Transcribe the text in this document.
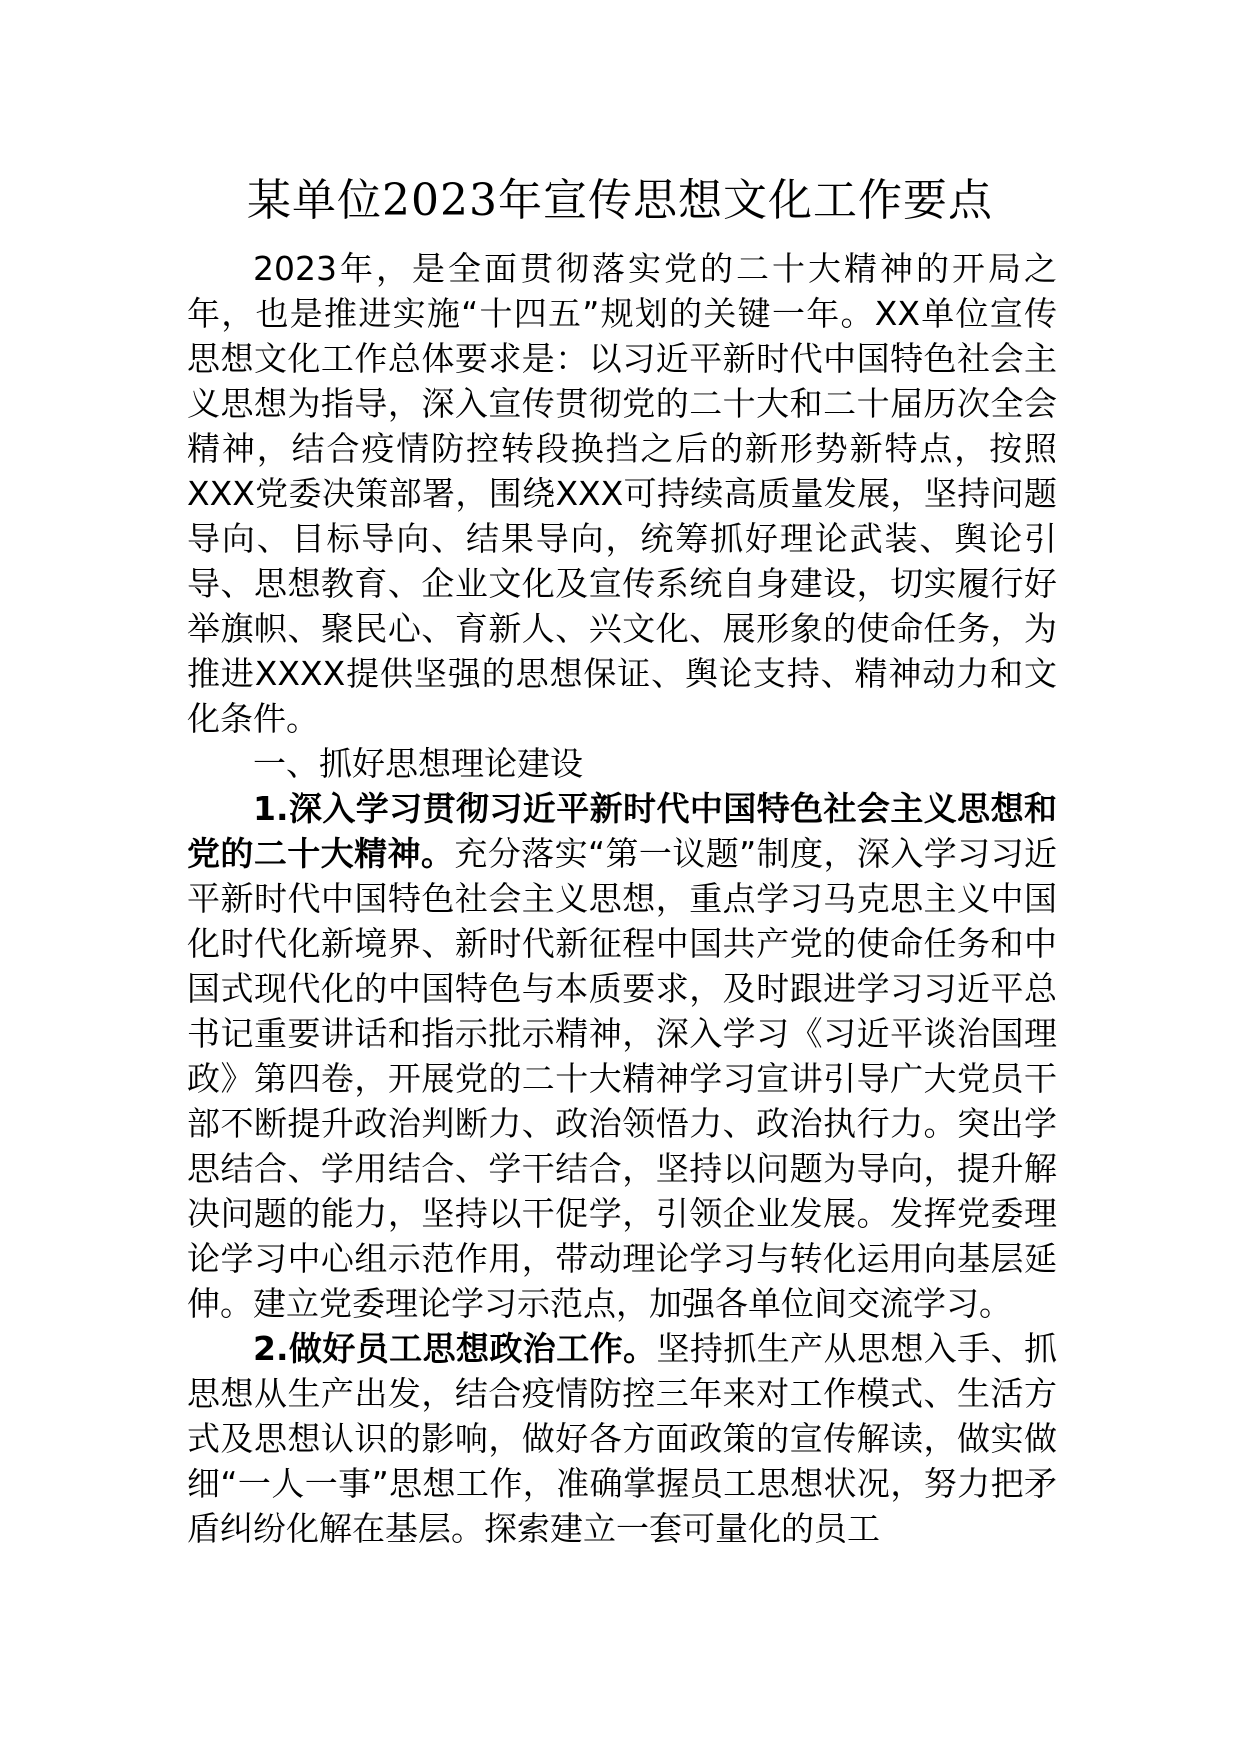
某单位2023年宣传思想文化工作要点

2023年，是全面贯彻落实党的二十大精神的开局之年，也是推进实施“十四五”规划的关键一年。XX单位宣传思想文化工作总体要求是：以习近平新时代中国特色社会主义思想为指导，深入宣传贯彻党的二十大和二十届历次全会精神，结合疫情防控转段换挡之后的新形势新特点，按照XXX党委决策部署，围绕XXX可持续高质量发展，坚持问题导向、目标导向、结果导向，统筹抓好理论武装、舆论引导、思想教育、企业文化及宣传系统自身建设，切实履行好举旗帜、聚民心、育新人、兴文化、展形象的使命任务，为推进XXXX提供坚强的思想保证、舆论支持、精神动力和文化条件。

一、抓好思想理论建设

1.深入学习贯彻习近平新时代中国特色社会主义思想和党的二十大精神。充分落实“第一议题”制度，深入学习习近平新时代中国特色社会主义思想，重点学习马克思主义中国化时代化新境界、新时代新征程中国共产党的使命任务和中国式现代化的中国特色与本质要求，及时跟进学习习近平总书记重要讲话和指示批示精神，深入学习《习近平谈治国理政》第四卷，开展党的二十大精神学习宣讲引导广大党员干部不断提升政治判断力、政治领悟力、政治执行力。突出学思结合、学用结合、学干结合，坚持以问题为导向，提升解决问题的能力，坚持以干促学，引领企业发展。发挥党委理论学习中心组示范作用，带动理论学习与转化运用向基层延伸。建立党委理论学习示范点，加强各单位间交流学习。

2.做好员工思想政治工作。坚持抓生产从思想入手、抓思想从生产出发，结合疫情防控三年来对工作模式、生活方式及思想认识的影响，做好各方面政策的宣传解读，做实做细“一人一事”思想工作，准确掌握员工思想状况，努力把矛盾纠纷化解在基层。探索建立一套可量化的员工
